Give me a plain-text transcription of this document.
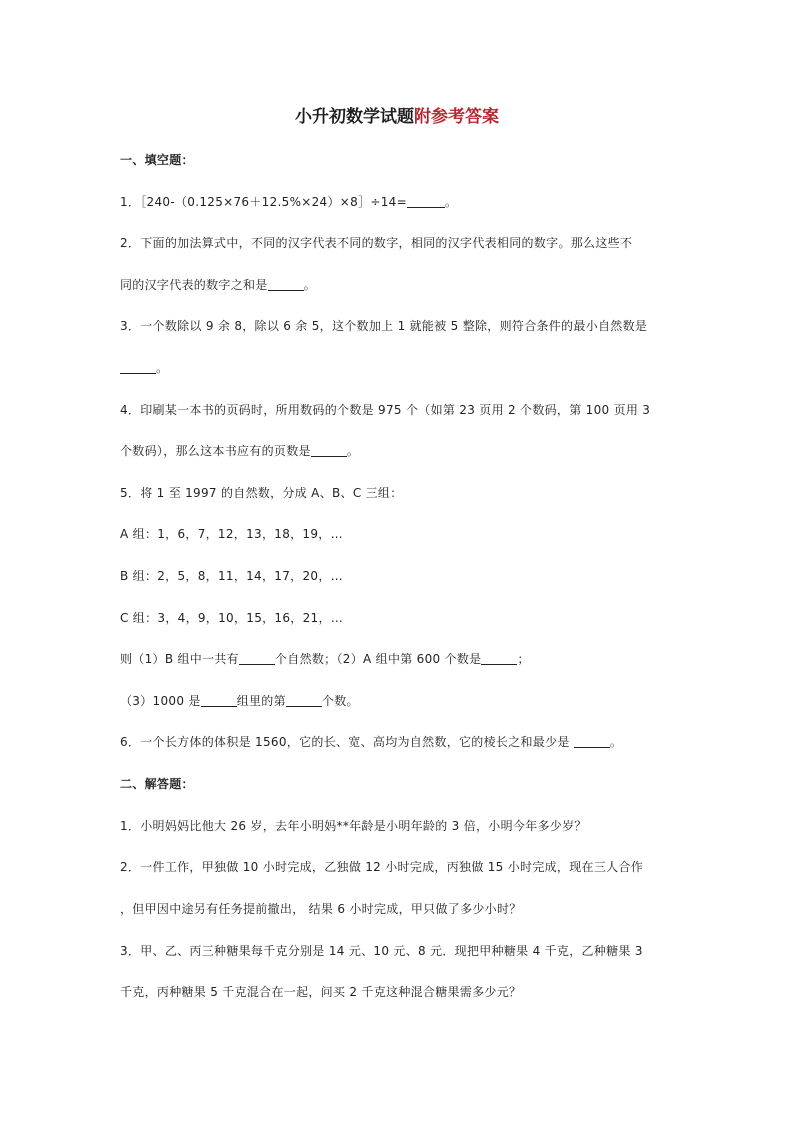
小升初数学试题附参考答案
一、填空题：
1．［240-（0.125×76＋12.5%×24）×8］÷14=	。
2．下面的加法算式中，不同的汉字代表不同的数字，相同的汉字代表相同的数字。那么这些不
同的汉字代表的数字之和是	。
3．一个数除以 9 余 8，除以 6 余 5，这个数加上 1 就能被 5 整除，则符合条件的最小自然数是
。
4．印刷某一本书的页码时，所用数码的个数是 975 个（如第 23 页用 2 个数码，第 100 页用 3
个数码），那么这本书应有的页数是	。
5．将 1 至 1997 的自然数，分成 A、B、C 三组：
A 组：1，6，7，12，13，18，19，…
B 组：2，5，8，11，14，17，20，…
C 组：3，4，9，10，15，16，21，…
则（1）B 组中一共有	个自然数；（2）A 组中第 600 个数是	；
（3）1000 是	组里的第	个数。
6．一个长方体的体积是 1560，它的长、宽、高均为自然数，它的棱长之和最少是	。
二、解答题：
1．小明妈妈比他大 26 岁，去年小明妈**年龄是小明年龄的 3 倍，小明今年多少岁？
2．一件工作，甲独做 10 小时完成，乙独做 12 小时完成，丙独做 15 小时完成，现在三人合作
，但甲因中途另有任务提前撤出， 结果 6 小时完成，甲只做了多少小时？
3．甲、乙、丙三种糖果每千克分别是 14 元、10 元、8 元．现把甲种糖果 4 千克，乙种糖果 3
千克，丙种糖果 5 千克混合在一起，问买 2 千克这种混合糖果需多少元？
